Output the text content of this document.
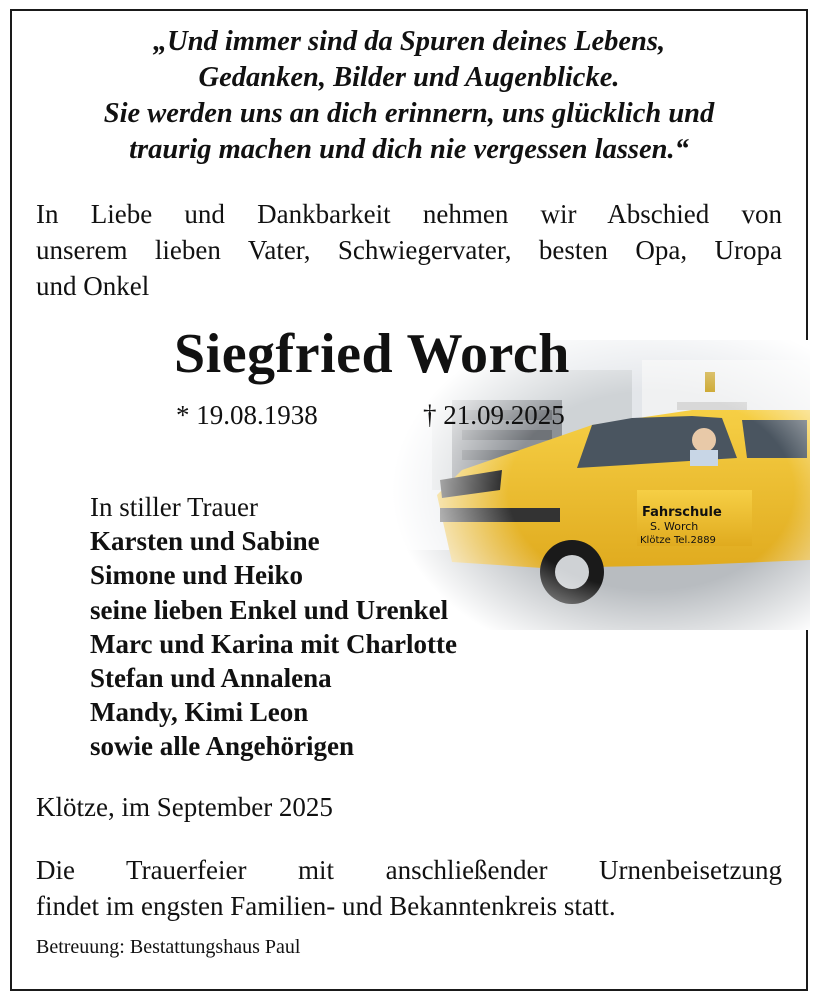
„Und immer sind da Spuren deines Lebens,
Gedanken, Bilder und Augenblicke.
Sie werden uns an dich erinnern, uns glücklich und
traurig machen und dich nie vergessen lassen.“
In Liebe und Dankbarkeit nehmen wir Abschied von
unserem lieben Vater, Schwiegervater, besten Opa, Uropa
und Onkel
Siegfried Worch
* 19.08.1938	† 21.09.2025
In stiller Trauer
Karsten und Sabine
Simone und Heiko
seine lieben Enkel und Urenkel
Marc und Karina mit Charlotte
Stefan und Annalena
Mandy, Kimi Leon
sowie alle Angehörigen
Klötze, im September 2025
Die Trauerfeier mit anschließender Urnenbeisetzung
findet im engsten Familien- und Bekanntenkreis statt.
Betreuung: Bestattungshaus Paul
